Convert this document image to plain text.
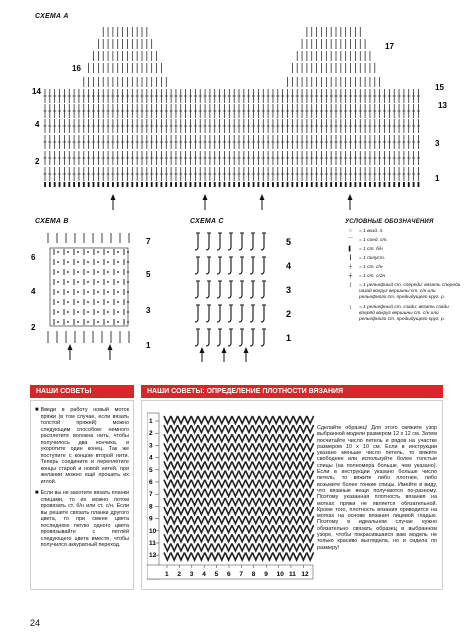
СХЕМА А
16
17
14
4
2
15
13
3
1
СХЕМА В
6
4
2
7
5
3
1
СХЕМА С
5
4
3
2
1
УСЛОВНЫЕ ОБОЗНАЧЕНИЯ
○	= 1 возд. п.
⌒	= 1 соед. ст.
▌	= 1 ст. б/н
┃	= 1 полуст.
┼	= 1 ст. с/н
╪	= 1 ст. с/2н
ʃ	= 1 рельефный ст. спереди: вязать спереди назад вокруг вершины ст. с/н или рельефного ст. предыдущего круг. р.
ʅ	= 1 рельефный ст. сзади: вязать сзади вперёд вокруг вершины ст. с/н или рельефного ст. предыдущего круг. р.
НАШИ СОВЕТЫ
■ Введи в работу новый моток пряжи (в том случае, если вязать толстой пряжей) можно следующим способом: немного расплетите волокна нить, чтобы получилось два кончика, и укоротите один конец. Так же поступите с концом второй нити. Теперь соедините и переплетите концы старой и новой нитей, при желании можно ещё прошить их иглой.
■ Если вы не захотите вязать планки спицами, то их можно потом провязать ст. б/н или ст. с/н. Если вы решите связать планки другого цвета, то при смене цвета последнюю петлю одного цвета провязывайте с петлёй следующего цвета вместе, чтобы получился аккуратный переход.
НАШИ СОВЕТЫ: ОПРЕДЕЛЕНИЕ ПЛОТНОСТИ ВЯЗАНИЯ
1
2
3
4
5
6
7
8
9
10
11
12
1 2 3 4 5 6 7 8 9 10 11 12
Сделайте образец! Для этого свяжите узор выбранной модели размером 12 х 12 см. Затем посчитайте число петель и рядов на участке размером 10 х 10 см. Если в инструкции указано меньше число петель, то вяжите свободнее или используйте более толстые спицы (на полномера больше, чем указано). Если в инструкции указано больше число петель, то вяжите либо плотнее, либо возьмите более тонкие спицы. Имейте в виду, что вязаные вещи получаются по-разному. Поэтому указанная плотность вязания на мотках пряжи не является обязательной. Кроме того, плотность вязания приводится на мотках на основе вязания лицевой гладью. Поэтому в идеальном случае нужно обязательно связать образец в выбранном узоре, чтобы покрасившаяся вам модель не только красиво выглядела, но и сидела по размеру!
24
